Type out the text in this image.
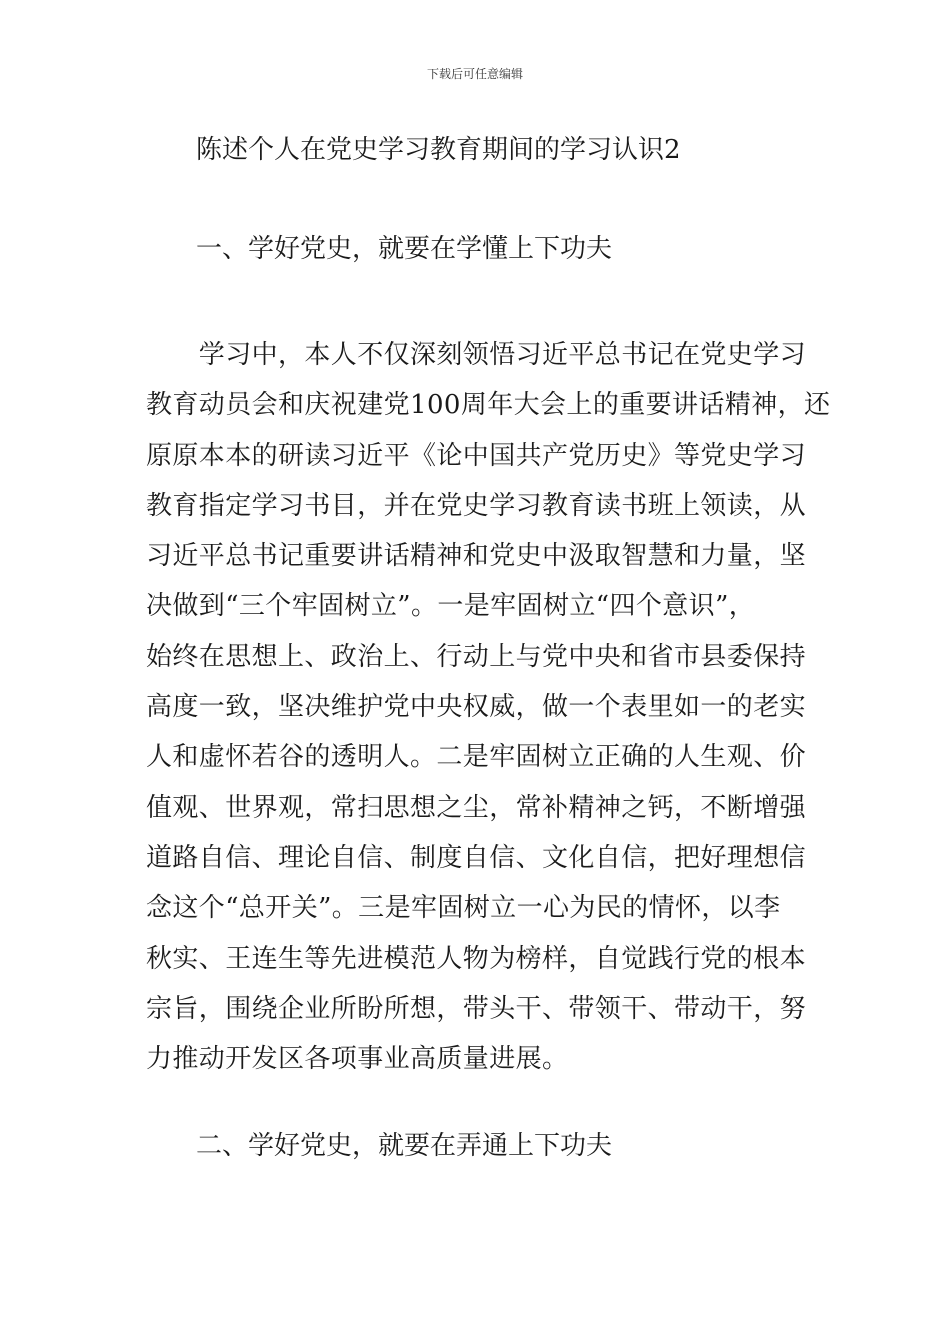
下载后可任意编辑
陈述个人在党史学习教育期间的学习认识2
一、学好党史，就要在学懂上下功夫
　　学习中，本人不仅深刻领悟习近平总书记在党史学习
教育动员会和庆祝建党100周年大会上的重要讲话精神，还
原原本本的研读习近平《论中国共产党历史》等党史学习
教育指定学习书目，并在党史学习教育读书班上领读，从
习近平总书记重要讲话精神和党史中汲取智慧和力量，坚
决做到“三个牢固树立”。一是牢固树立“四个意识”，
始终在思想上、政治上、行动上与党中央和省市县委保持
高度一致，坚决维护党中央权威，做一个表里如一的老实
人和虚怀若谷的透明人。二是牢固树立正确的人生观、价
值观、世界观，常扫思想之尘，常补精神之钙，不断增强
道路自信、理论自信、制度自信、文化自信，把好理想信
念这个“总开关”。三是牢固树立一心为民的情怀，以李
秋实、王连生等先进模范人物为榜样，自觉践行党的根本
宗旨，围绕企业所盼所想，带头干、带领干、带动干，努
力推动开发区各项事业高质量进展。
二、学好党史，就要在弄通上下功夫
